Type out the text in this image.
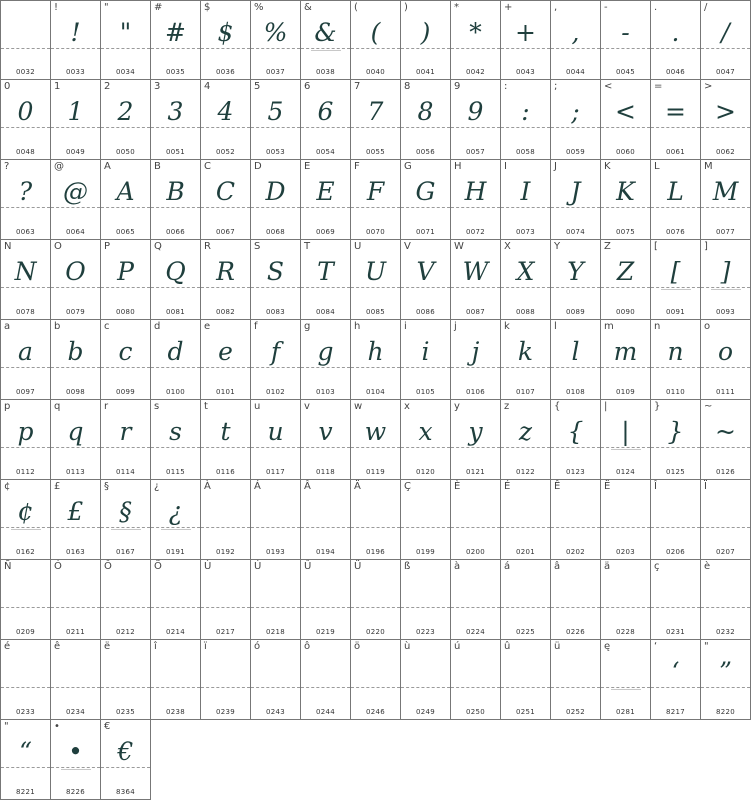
0032
!
!
0033
"
"
0034
#
#
0035
$
$
0036
%
%
0037
&
&
0038
(
(
0040
)
)
0041
*
*
0042
+
+
0043
,
,
0044
-
-
0045
.
.
0046
/
/
0047
0
0
0048
1
1
0049
2
2
0050
3
3
0051
4
4
0052
5
5
0053
6
6
0054
7
7
0055
8
8
0056
9
9
0057
:
:
0058
;
;
0059
<
<
0060
=
=
0061
>
>
0062
?
?
0063
@
@
0064
A
A
0065
B
B
0066
C
C
0067
D
D
0068
E
E
0069
F
F
0070
G
G
0071
H
H
0072
I
I
0073
J
J
0074
K
K
0075
L
L
0076
M
M
0077
N
N
0078
O
O
0079
P
P
0080
Q
Q
0081
R
R
0082
S
S
0083
T
T
0084
U
U
0085
V
V
0086
W
W
0087
X
X
0088
Y
Y
0089
Z
Z
0090
[
[
0091
]
]
0093
a
a
0097
b
b
0098
c
c
0099
d
d
0100
e
e
0101
f
f
0102
g
g
0103
h
h
0104
i
i
0105
j
j
0106
k
k
0107
l
l
0108
m
m
0109
n
n
0110
o
o
0111
p
p
0112
q
q
0113
r
r
0114
s
s
0115
t
t
0116
u
u
0117
v
v
0118
w
w
0119
x
x
0120
y
y
0121
z
z
0122
{
{
0123
|
|
0124
}
}
0125
~
~
0126
¢
¢
0162
£
£
0163
§
§
0167
¿
¿
0191
À
0192
Á
0193
Â
0194
Ä
0196
Ç
0199
È
0200
É
0201
Ê
0202
Ë
0203
Î
0206
Ï
0207
Ñ
0209
Ó
0211
Ô
0212
Ö
0214
Ù
0217
Ú
0218
Û
0219
Ü
0220
ß
0223
à
0224
á
0225
â
0226
ä
0228
ç
0231
è
0232
é
0233
ê
0234
ë
0235
î
0238
ï
0239
ó
0243
ô
0244
ö
0246
ù
0249
ú
0250
û
0251
ü
0252
ę
0281
‘
‘
8217
"
”
8220
"
“
8221
•
•
8226
€
€
8364
